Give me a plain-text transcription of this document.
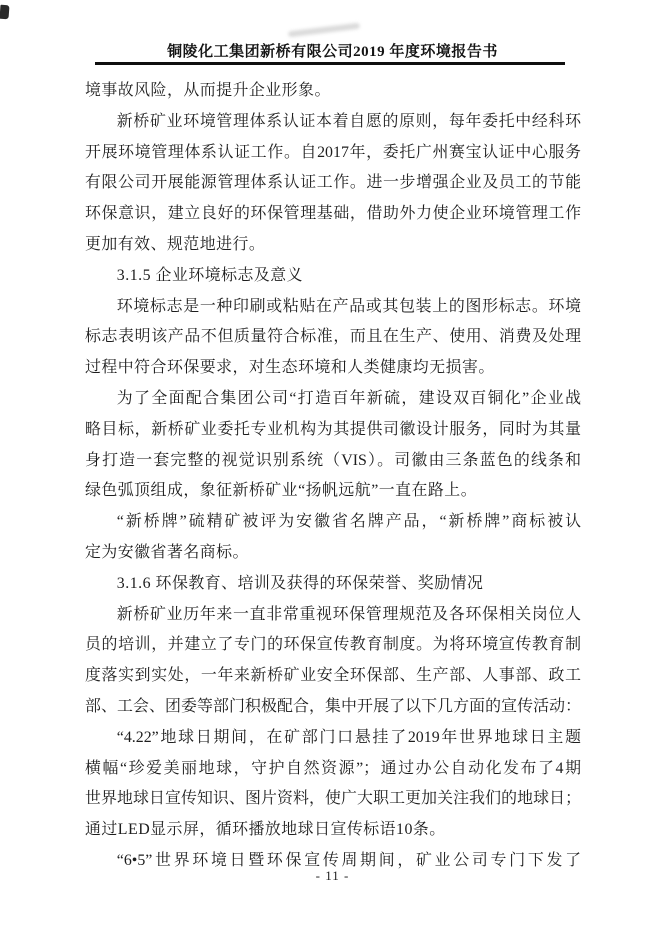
铜陵化工集团新桥有限公司2019 年度环境报告书
境事故风险，从而提升企业形象。
新桥矿业环境管理体系认证本着自愿的原则，每年委托中经科环
开展环境管理体系认证工作。自2017年，委托广州赛宝认证中心服务
有限公司开展能源管理体系认证工作。进一步增强企业及员工的节能
环保意识，建立良好的环保管理基础，借助外力使企业环境管理工作
更加有效、规范地进行。
3.1.5 企业环境标志及意义
环境标志是一种印刷或粘贴在产品或其包装上的图形标志。环境
标志表明该产品不但质量符合标准，而且在生产、使用、消费及处理
过程中符合环保要求，对生态环境和人类健康均无损害。
为了全面配合集团公司“打造百年新硫，建设双百铜化”企业战
略目标，新桥矿业委托专业机构为其提供司徽设计服务，同时为其量
身打造一套完整的视觉识别系统（VIS）。司徽由三条蓝色的线条和
绿色弧顶组成，象征新桥矿业“扬帆远航”一直在路上。
“新桥牌”硫精矿被评为安徽省名牌产品，“新桥牌”商标被认
定为安徽省著名商标。
3.1.6 环保教育、培训及获得的环保荣誉、奖励情况
新桥矿业历年来一直非常重视环保管理规范及各环保相关岗位人
员的培训，并建立了专门的环保宣传教育制度。为将环境宣传教育制
度落实到实处，一年来新桥矿业安全环保部、生产部、人事部、政工
部、工会、团委等部门积极配合，集中开展了以下几方面的宣传活动：
“4.22”地球日期间，在矿部门口悬挂了2019年世界地球日主题
横幅“珍爱美丽地球，守护自然资源”；通过办公自动化发布了4期
世界地球日宣传知识、图片资料，使广大职工更加关注我们的地球日；
通过LED显示屏，循环播放地球日宣传标语10条。
“6•5”世界环境日暨环保宣传周期间，矿业公司专门下发了
- 11 -
